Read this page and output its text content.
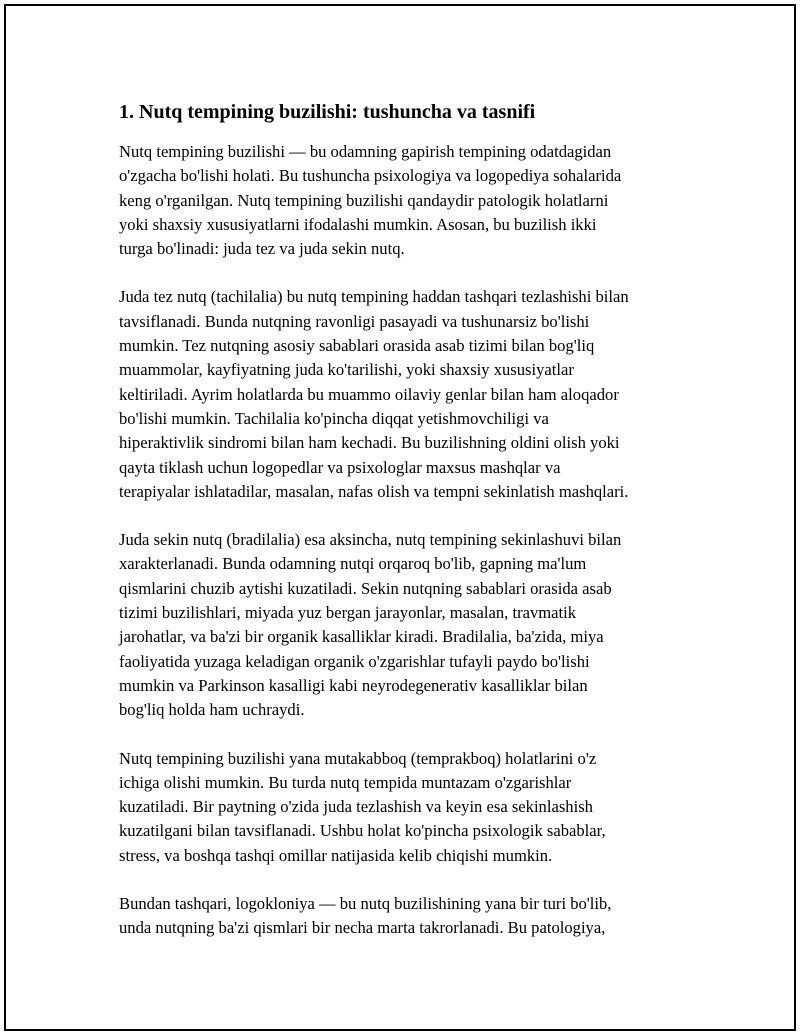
1. Nutq tempining buzilishi: tushuncha va tasnifi

Nutq tempining buzilishi — bu odamning gapirish tempining odatdagidan
o'zgacha bo'lishi holati. Bu tushuncha psixologiya va logopediya sohalarida
keng o'rganilgan. Nutq tempining buzilishi qandaydir patologik holatlarni
yoki shaxsiy xususiyatlarni ifodalashi mumkin. Asosan, bu buzilish ikki
turga bo'linadi: juda tez va juda sekin nutq.

Juda tez nutq (tachilalia) bu nutq tempining haddan tashqari tezlashishi bilan
tavsiflanadi. Bunda nutqning ravonligi pasayadi va tushunarsiz bo'lishi
mumkin. Tez nutqning asosiy sabablari orasida asab tizimi bilan bog'liq
muammolar, kayfiyatning juda ko'tarilishi, yoki shaxsiy xususiyatlar
keltiriladi. Ayrim holatlarda bu muammo oilaviy genlar bilan ham aloqador
bo'lishi mumkin. Tachilalia ko'pincha diqqat yetishmovchiligi va
hiperaktivlik sindromi bilan ham kechadi. Bu buzilishning oldini olish yoki
qayta tiklash uchun logopedlar va psixologlar maxsus mashqlar va
terapiyalar ishlatadilar, masalan, nafas olish va tempni sekinlatish mashqlari.

Juda sekin nutq (bradilalia) esa aksincha, nutq tempining sekinlashuvi bilan
xarakterlanadi. Bunda odamning nutqi orqaroq bo'lib, gapning ma'lum
qismlarini chuzib aytishi kuzatiladi. Sekin nutqning sabablari orasida asab
tizimi buzilishlari, miyada yuz bergan jarayonlar, masalan, travmatik
jarohatlar, va ba'zi bir organik kasalliklar kiradi. Bradilalia, ba'zida, miya
faoliyatida yuzaga keladigan organik o'zgarishlar tufayli paydo bo'lishi
mumkin va Parkinson kasalligi kabi neyrodegenerativ kasalliklar bilan
bog'liq holda ham uchraydi.

Nutq tempining buzilishi yana mutakabboq (temprakboq) holatlarini o'z
ichiga olishi mumkin. Bu turda nutq tempida muntazam o'zgarishlar
kuzatiladi. Bir paytning o'zida juda tezlashish va keyin esa sekinlashish
kuzatilgani bilan tavsiflanadi. Ushbu holat ko'pincha psixologik sabablar,
stress, va boshqa tashqi omillar natijasida kelib chiqishi mumkin.

Bundan tashqari, logokloniya — bu nutq buzilishining yana bir turi bo'lib,
unda nutqning ba'zi qismlari bir necha marta takrorlanadi. Bu patologiya,
